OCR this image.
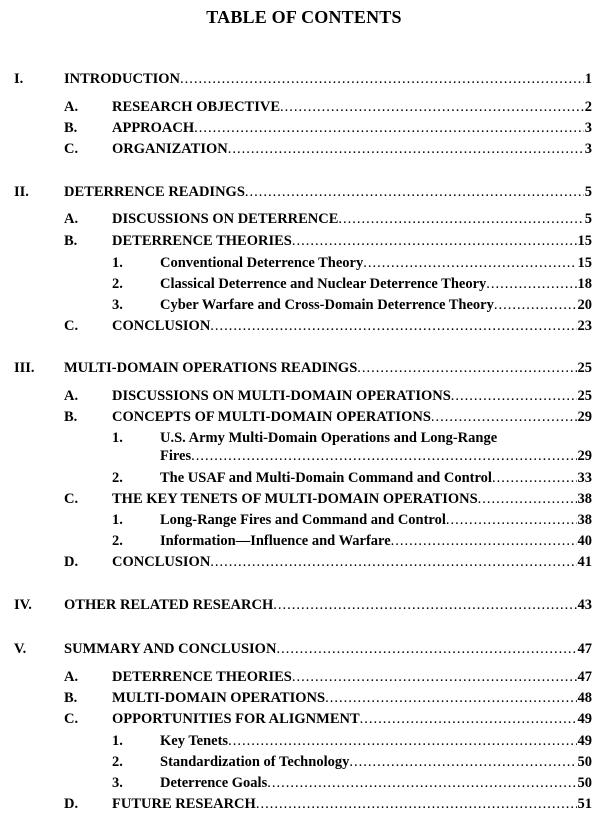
TABLE OF CONTENTS
I.	INTRODUCTION .....	1
A. RESEARCH OBJECTIVE .....	2
B. APPROACH .....	3
C. ORGANIZATION .....	3
II. DETERRENCE READINGS .....	5
A. DISCUSSIONS ON DETERRENCE .....	5
B. DETERRENCE THEORIES .....	15
1.	Conventional Deterrence Theory .....	15
2.	Classical Deterrence and Nuclear Deterrence Theory .....	18
3.	Cyber Warfare and Cross-Domain Deterrence Theory .....	20
C. CONCLUSION .....	23
III. MULTI-DOMAIN OPERATIONS READINGS .....	25
A. DISCUSSIONS ON MULTI-DOMAIN OPERATIONS .....	25
B. CONCEPTS OF MULTI-DOMAIN OPERATIONS .....	29
1.	U.S. Army Multi-Domain Operations and Long-Range
Fires .....	29
2.	The USAF and Multi-Domain Command and Control .....	33
C. THE KEY TENETS OF MULTI-DOMAIN OPERATIONS .....	38
1.	Long-Range Fires and Command and Control .....	38
2.	Information—Influence and Warfare .....	40
D. CONCLUSION .....	41
IV. OTHER RELATED RESEARCH .....	43
V.	SUMMARY AND CONCLUSION .....	47
A. DETERRENCE THEORIES .....	47
B. MULTI-DOMAIN OPERATIONS .....	48
C. OPPORTUNITIES FOR ALIGNMENT .....	49
1.	Key Tenets .....	49
2.	Standardization of Technology .....	50
3.	Deterrence Goals .....	50
D. FUTURE RESEARCH .....	51
